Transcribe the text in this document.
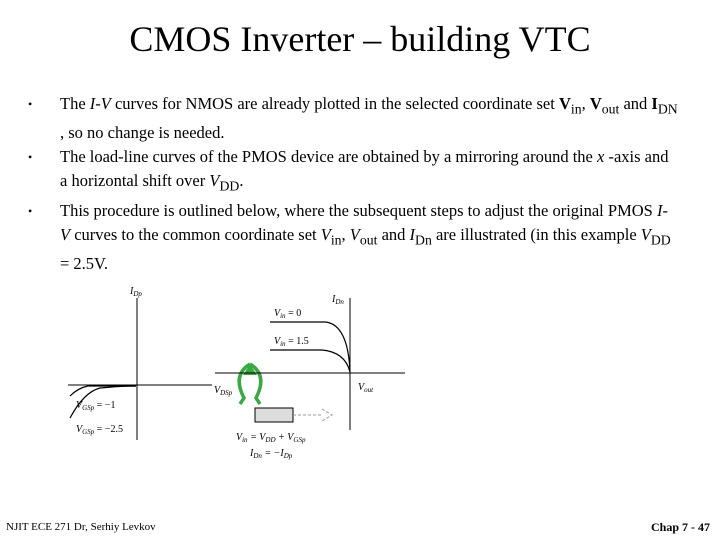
CMOS Inverter – building VTC
• The I-V curves for NMOS are already plotted in the selected coordinate set $V_{in}$, $V_{out}$ and $I_{DN}$ , so no change is needed.
• The load-line curves of the PMOS device are obtained by a mirroring around the x -axis and a horizontal shift over $V_{DD}$.
• This procedure is outlined below, where the subsequent steps to adjust the original PMOS I-V curves to the common coordinate set $V_{in}$, $V_{out}$ and $I_{Dn}$ are illustrated (in this example $V_{DD} = 2.5V$.
$I_{Dp}$
$V_{DSp}$
$V_{GSp} = -1$
$V_{GSp} = -2.5$
$I_{Dn}$
$V_{out}$
$V_{in} = 0$
$V_{in} = 1.5$
$V_{in} = V_{DD} + V_{GSp}$
$I_{Dn} = -I_{Dp}$
NJIT ECE 271 Dr, Serhiy Levkov	Chap 7 - 47
